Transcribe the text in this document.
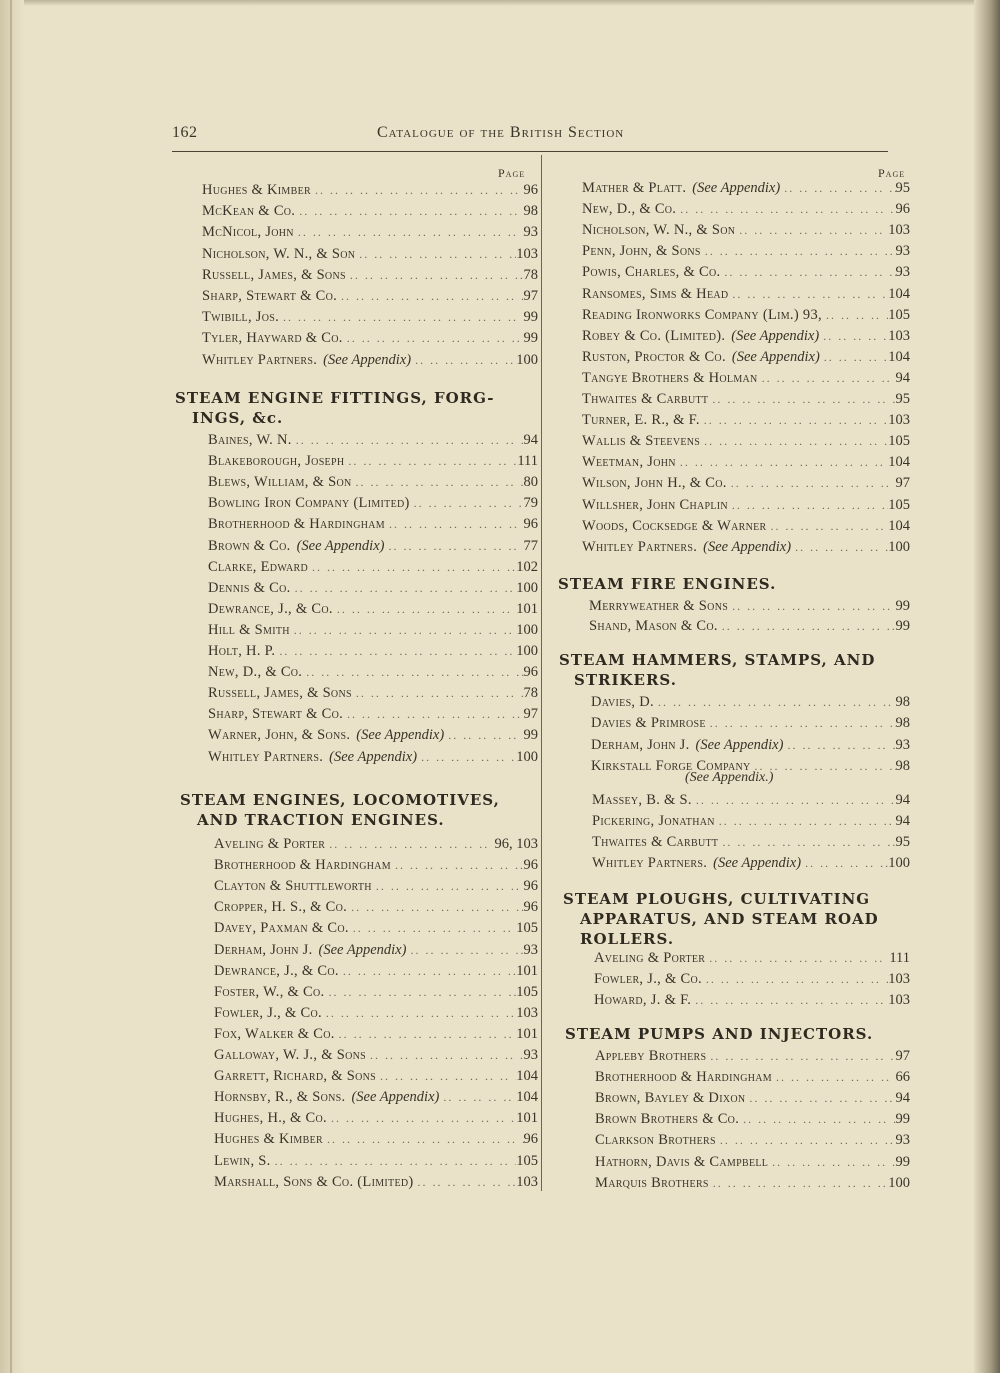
162	Catalogue of the British Section
Page
STEAM ENGINE FITTINGS, FORG-
INGS, &c.
STEAM ENGINES, LOCOMOTIVES,
AND TRACTION ENGINES.
Hughes & Kimber .. ..	96
McKean & Co. .. ..	98
McNicol, John .. ..	93
Nicholson, W. N., & Son .. ..	103
Russell, James, & Sons .. ..	78
Sharp, Stewart & Co. .. ..	97
Twibill, Jos. .. ..	99
Tyler, Hayward & Co. .. ..	99
Whitley Partners. (See Appendix) .. ..	100
Baines, W. N. .. ..	94
Blakeborough, Joseph .. ..	111
Blews, William, & Son .. ..	80
Bowling Iron Company (Limited) .. ..	79
Brotherhood & Hardingham .. ..	96
Brown & Co. (See Appendix) .. ..	77
Clarke, Edward .. ..	102
Dennis & Co. .. ..	100
Dewrance, J., & Co. .. ..	101
Hill & Smith .. ..	100
Holt, H. P. .. ..	100
New, D., & Co. .. ..	96
Russell, James, & Sons .. ..	78
Sharp, Stewart & Co. .. ..	97
Warner, John, & Sons. (See Appendix) .. ..	99
Whitley Partners. (See Appendix) .. ..	100
Aveling & Porter .. ..	96, 103
Brotherhood & Hardingham .. ..	96
Clayton & Shuttleworth .. ..	96
Cropper, H. S., & Co. .. ..	96
Davey, Paxman & Co. .. ..	105
Derham, John J. (See Appendix) .. ..	93
Dewrance, J., & Co. .. ..	101
Foster, W., & Co. .. ..	105
Fowler, J., & Co. .. ..	103
Fox, Walker & Co. .. ..	101
Galloway, W. J., & Sons .. ..	93
Garrett, Richard, & Sons .. ..	104
Hornsby, R., & Sons. (See Appendix) .. ..	104
Hughes, H., & Co. .. ..	101
Hughes & Kimber .. ..	96
Lewin, S. .. ..	105
Marshall, Sons & Co. (Limited) .. ..	103
Page
STEAM FIRE ENGINES.
STEAM HAMMERS, STAMPS, AND
STRIKERS.
(See Appendix.)
STEAM PLOUGHS, CULTIVATING
APPARATUS, AND STEAM ROAD
ROLLERS.
STEAM PUMPS AND INJECTORS.
Mather & Platt. (See Appendix) .. ..	95
New, D., & Co. .. ..	96
Nicholson, W. N., & Son .. ..	103
Penn, John, & Sons .. ..	93
Powis, Charles, & Co. .. ..	93
Ransomes, Sims & Head .. ..	104
Reading Ironworks Company (Lim.) 93, .. ..	105
Robey & Co. (Limited). (See Appendix) .. ..	103
Ruston, Proctor & Co. (See Appendix) .. ..	104
Tangye Brothers & Holman .. ..	94
Thwaites & Carbutt .. ..	95
Turner, E. R., & F. .. ..	103
Wallis & Steevens .. ..	105
Weetman, John .. ..	104
Wilson, John H., & Co. .. ..	97
Willsher, John Chaplin .. ..	105
Woods, Cocksedge & Warner .. ..	104
Whitley Partners. (See Appendix) .. ..	100
Merryweather & Sons .. ..	99
Shand, Mason & Co. .. ..	99
Davies, D. .. ..	98
Davies & Primrose .. ..	98
Derham, John J. (See Appendix) .. ..	93
Kirkstall Forge Company .. ..	98
Massey, B. & S. .. ..	94
Pickering, Jonathan .. ..	94
Thwaites & Carbutt .. ..	95
Whitley Partners. (See Appendix) .. ..	100
Aveling & Porter .. ..	111
Fowler, J., & Co. .. ..	103
Howard, J. & F. .. ..	103
Appleby Brothers .. ..	97
Brotherhood & Hardingham .. ..	66
Brown, Bayley & Dixon .. ..	94
Brown Brothers & Co. .. ..	99
Clarkson Brothers .. ..	93
Hathorn, Davis & Campbell .. ..	99
Marquis Brothers .. ..	100
